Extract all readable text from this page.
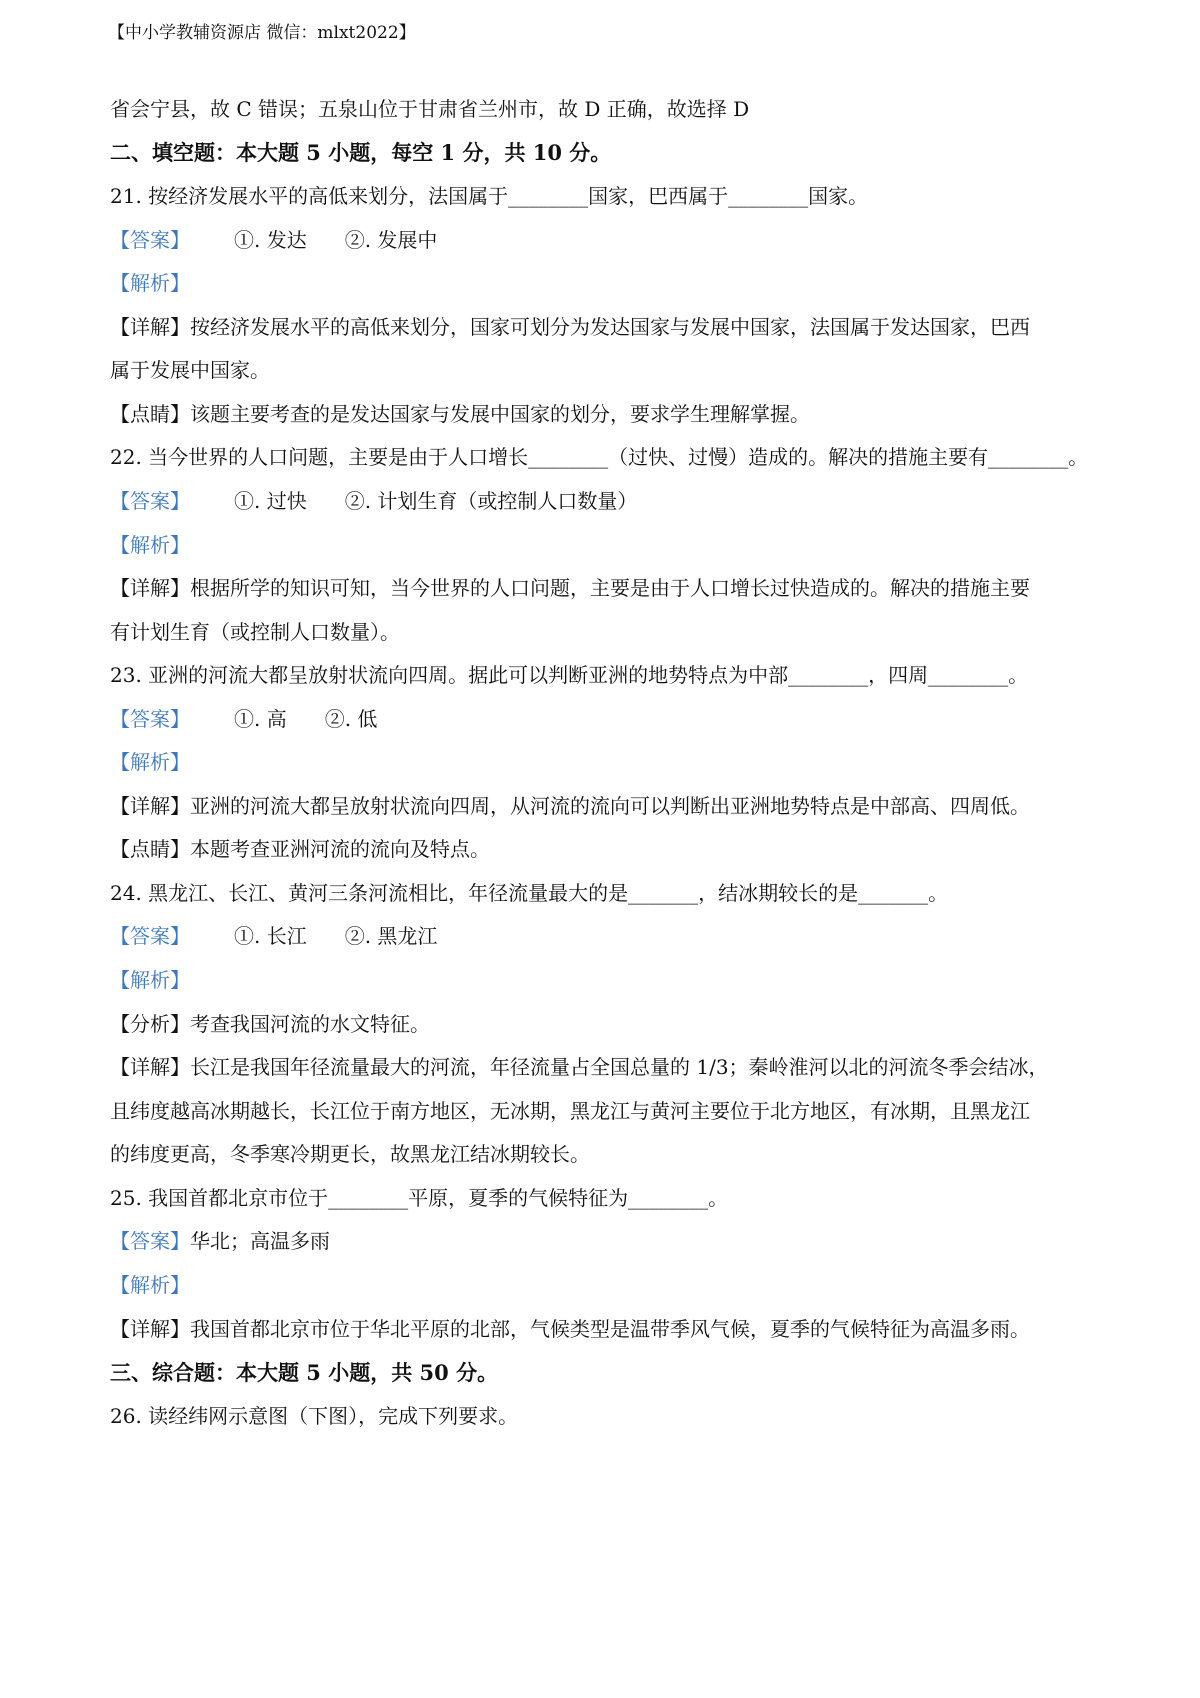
【中小学教辅资源店 微信：mlxt2022】
省会宁县，故 C 错误；五泉山位于甘肃省兰州市，故 D 正确，故选择 D
二、填空题：本大题 5 小题，每空 1 分，共 10 分。
21. 按经济发展水平的高低来划分，法国属于________国家，巴西属于________国家。
【答案】 ①. 发达 ②. 发展中
【解析】
【详解】按经济发展水平的高低来划分，国家可划分为发达国家与发展中国家，法国属于发达国家，巴西
属于发展中国家。
【点睛】该题主要考查的是发达国家与发展中国家的划分，要求学生理解掌握。
22. 当今世界的人口问题，主要是由于人口增长________（过快、过慢）造成的。解决的措施主要有________。
【答案】 ①. 过快 ②. 计划生育（或控制人口数量）
【解析】
【详解】根据所学的知识可知，当今世界的人口问题，主要是由于人口增长过快造成的。解决的措施主要
有计划生育（或控制人口数量）。
23. 亚洲的河流大都呈放射状流向四周。据此可以判断亚洲的地势特点为中部________，四周________。
【答案】 ①. 高 ②. 低
【解析】
【详解】亚洲的河流大都呈放射状流向四周，从河流的流向可以判断出亚洲地势特点是中部高、四周低。
【点睛】本题考查亚洲河流的流向及特点。
24. 黑龙江、长江、黄河三条河流相比，年径流量最大的是_______，结冰期较长的是_______。
【答案】 ①. 长江 ②. 黑龙江
【解析】
【分析】考查我国河流的水文特征。
【详解】长江是我国年径流量最大的河流，年径流量占全国总量的 1/3；秦岭淮河以北的河流冬季会结冰，
且纬度越高冰期越长，长江位于南方地区，无冰期，黑龙江与黄河主要位于北方地区，有冰期，且黑龙江
的纬度更高，冬季寒冷期更长，故黑龙江结冰期较长。
25. 我国首都北京市位于________平原，夏季的气候特征为________。
【答案】华北；高温多雨
【解析】
【详解】我国首都北京市位于华北平原的北部，气候类型是温带季风气候，夏季的气候特征为高温多雨。
三、综合题：本大题 5 小题，共 50 分。
26. 读经纬网示意图（下图），完成下列要求。
